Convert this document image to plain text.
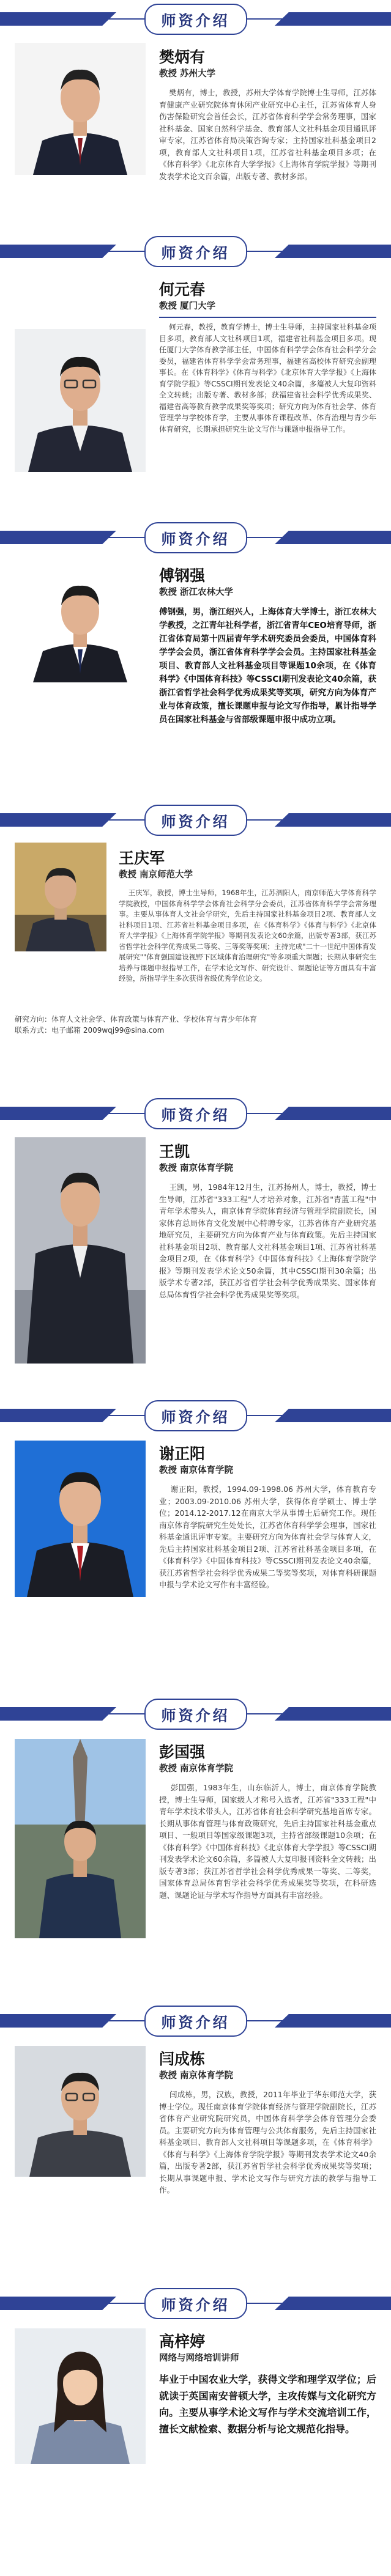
师资介绍
樊炳有
教授 苏州大学
樊炳有，博士，教授，苏州大学体育学院博士生导师，江苏体育健康产业研究院体育休闲产业研究中心主任，江苏省体育人身伤害保险研究会首任会长，江苏省体育科学学会常务理事，国家社科基金、国家自然科学基金、教育部人文社科基金项目通讯评审专家，江苏省体育局决策咨询专家；主持国家社科基金项目2项，教育部人文社科项目1项，江苏省社科基金项目多项；在《体育科学》《北京体育大学学报》《上海体育学院学报》等期刊发表学术论文百余篇，出版专著、教材多部。
师资介绍
何元春
教授 厦门大学
何元春，教授，教育学博士，博士生导师，主持国家社科基金项目多项，教育部人文社科项目1项，福建省社科基金项目多项。现任厦门大学体育教学部主任，中国体育科学学会体育社会科学分会委员，福建省体育科学学会常务理事，福建省高校体育研究会副理事长。在《体育科学》《体育与科学》《北京体育大学学报》《上海体育学院学报》等CSSCI期刊发表论文40余篇，多篇被人大复印资料全文转载；出版专著、教材多部；获福建省社会科学优秀成果奖、福建省高等教育教学成果奖等奖项；研究方向为体育社会学、体育管理学与学校体育学，主要从事体育课程改革、体育治理与青少年体育研究，长期承担研究生论文写作与课题申报指导工作。
师资介绍
傅钢强
教授 浙江农林大学
傅钢强，男，浙江绍兴人，上海体育大学博士，浙江农林大学教授，之江青年社科学者，浙江省青年CEO培育导师，浙江省体育局第十四届青年学术研究委员会委员，中国体育科学学会会员，浙江省体育科学学会会员。主持国家社科基金项目、教育部人文社科基金项目等课题10余项，在《体育科学》《中国体育科技》等CSSCI期刊发表论文40余篇，获浙江省哲学社会科学优秀成果奖等奖项，研究方向为体育产业与体育政策，擅长课题申报与论文写作指导，累计指导学员在国家社科基金与省部级课题申报中成功立项。
师资介绍
王庆军
教授 南京师范大学
王庆军，教授，博士生导师，1968年生，江苏泗阳人，南京师范大学体育科学学院教授，中国体育科学学会体育社会科学分会委员，江苏省体育科学学会常务理事。主要从事体育人文社会学研究，先后主持国家社科基金项目2项、教育部人文社科项目1项、江苏省社科基金项目多项，在《体育科学》《体育与科学》《北京体育大学学报》《上海体育学院学报》等期刊发表论文60余篇，出版专著3部，获江苏省哲学社会科学优秀成果二等奖、三等奖等奖项；主持完成"二十一世纪中国体育发展研究""体育强国建设视野下区域体育治理研究"等多项重大课题；长期从事研究生培养与课题申报指导工作，在学术论文写作、研究设计、课题论证等方面具有丰富经验，所指导学生多次获得省级优秀学位论文。
研究方向：体育人文社会学、体育政策与体育产业、学校体育与青少年体育
联系方式：电子邮箱 2009wqj99@sina.com
师资介绍
王凯
教授 南京体育学院
王凯，男，1984年12月生，江苏扬州人，博士，教授，博士生导师，江苏省"333工程"人才培养对象，江苏省"青蓝工程"中青年学术带头人，南京体育学院体育经济与管理学院副院长，国家体育总局体育文化发展中心特聘专家，江苏省体育产业研究基地研究员，主要研究方向为体育产业与体育政策。先后主持国家社科基金项目2项、教育部人文社科基金项目1项、江苏省社科基金项目2项，在《体育科学》《中国体育科技》《上海体育学院学报》等期刊发表学术论文50余篇，其中CSSCI期刊30余篇；出版学术专著2部，获江苏省哲学社会科学优秀成果奖、国家体育总局体育哲学社会科学优秀成果奖等奖项。
师资介绍
谢正阳
教授 南京体育学院
谢正阳，教授，1994.09-1998.06 苏州大学，体育教育专业；2003.09-2010.06 苏州大学，获得体育学硕士、博士学位；2014.12-2017.12在南京大学从事博士后研究工作。现任南京体育学院研究生处处长，江苏省体育科学学会理事，国家社科基金通讯评审专家。主要研究方向为体育社会学与体育人文，先后主持国家社科基金项目2项、江苏省社科基金项目多项，在《体育科学》《中国体育科技》等CSSCI期刊发表论文40余篇，获江苏省哲学社会科学优秀成果二等奖等奖项，对体育科研课题申报与学术论文写作有丰富经验。
师资介绍
彭国强
教授 南京体育学院
彭国强，1983年生，山东临沂人，博士，南京体育学院教授，博士生导师，国家级人才称号入选者，江苏省"333工程"中青年学术技术带头人，江苏省体育社会科学研究基地首席专家。长期从事体育管理与体育政策研究，先后主持国家社科基金重点项目、一般项目等国家级课题3项，主持省部级课题10余项；在《体育科学》《中国体育科技》《北京体育大学学报》等CSSCI期刊发表学术论文60余篇，多篇被人大复印报刊资料全文转载；出版专著3部；获江苏省哲学社会科学优秀成果一等奖、二等奖，国家体育总局体育哲学社会科学优秀成果奖等奖项，在科研选题、课题论证与学术写作指导方面具有丰富经验。
师资介绍
闫成栋
教授 南京体育学院
闫成栋，男，汉族，教授，2011年毕业于华东师范大学，获博士学位。现任南京体育学院体育经济与管理学院副院长，江苏省体育产业研究院研究员，中国体育科学学会体育管理分会委员。主要研究方向为体育管理与公共体育服务，先后主持国家社科基金项目、教育部人文社科项目等课题多项，在《体育科学》《体育与科学》《上海体育学院学报》等期刊发表学术论文40余篇，出版专著2部，获江苏省哲学社会科学优秀成果奖等奖项；长期从事课题申报、学术论文写作与研究方法的教学与指导工作。
师资介绍
高梓婷
网络与网络培训讲师
毕业于中国农业大学，获得文学和理学双学位；后就读于英国南安普顿大学，主攻传媒与文化研究方向。主要从事学术论文写作与学术交流培训工作，擅长文献检索、数据分析与论文规范化指导。
